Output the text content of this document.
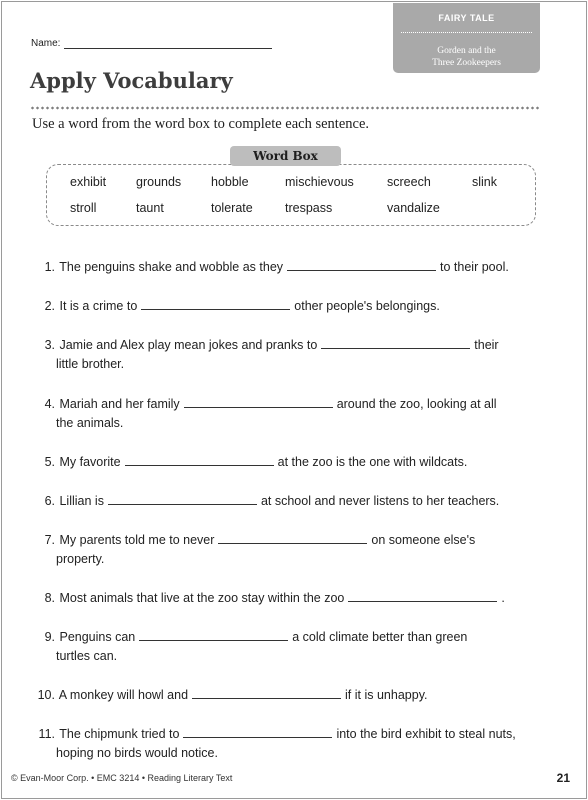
Name:
FAIRY TALE
Gorden and the
Three Zookeepers
Apply Vocabulary
Use a word from the word box to complete each sentence.
Word Box
exhibit grounds hobble	mischievous	screech	slink
stroll	taunt	tolerate	trespass	vandalize
1. The penguins shake and wobble as they	to their pool.
2. It is a crime to	other people's belongings.
3. Jamie and Alex play mean jokes and pranks to	their
little brother.
4. Mariah and her family	around the zoo, looking at all
the animals.
5. My favorite	at the zoo is the one with wildcats.
6. Lillian is	at school and never listens to her teachers.
7. My parents told me to never	on someone else's
property.
8. Most animals that live at the zoo stay within the zoo	.
9. Penguins can	a cold climate better than green
turtles can.
10. A monkey will howl and	if it is unhappy.
11. The chipmunk tried to	into the bird exhibit to steal nuts,
hoping no birds would notice.
© Evan-Moor Corp. • EMC 3214 • Reading Literary Text	21
